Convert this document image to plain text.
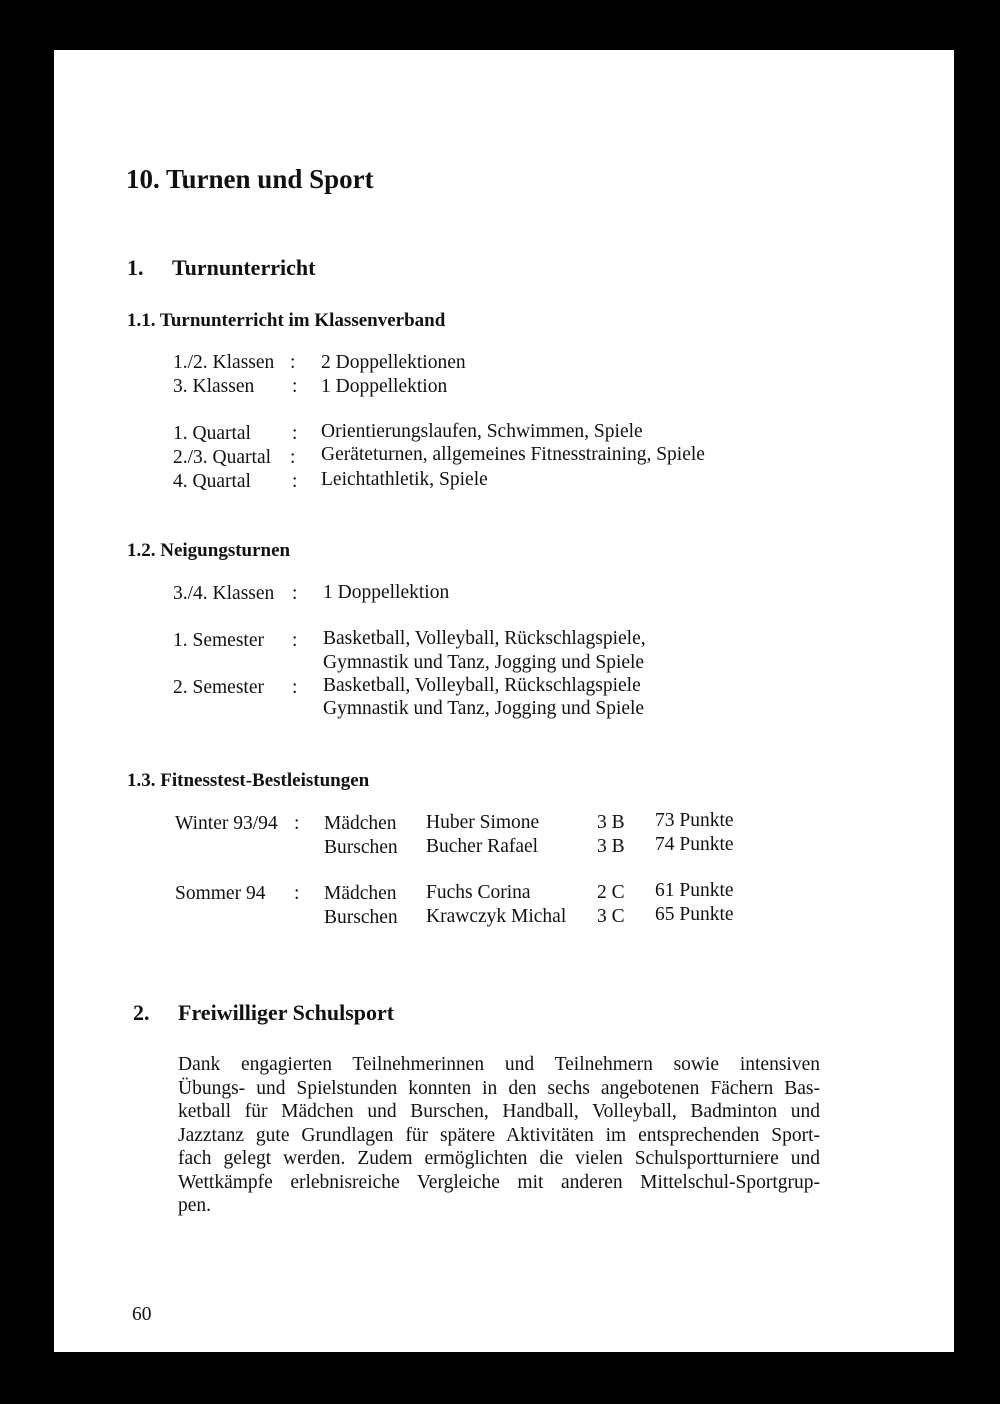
10. Turnen und Sport
1. Turnunterricht
1.1. Turnunterricht im Klassenverband
1./2. Klassen : 2 Doppellektionen
3. Klassen : 1 Doppellektion
1. Quartal : Orientierungslaufen, Schwimmen, Spiele
2./3. Quartal : Geräteturnen, allgemeines Fitnesstraining, Spiele
4. Quartal : Leichtathletik, Spiele
1.2. Neigungsturnen
3./4. Klassen : 1 Doppellektion
1. Semester : Basketball, Volleyball, Rückschlagspiele,
Gymnastik und Tanz, Jogging und Spiele
2. Semester : Basketball, Volleyball, Rückschlagspiele
Gymnastik und Tanz, Jogging und Spiele
1.3. Fitnesstest-Bestleistungen
Winter 93/94 : Mädchen Huber Simone	3 B 73 Punkte
Burschen Bucher Rafael	3 B 74 Punkte
Sommer 94 : Mädchen Fuchs Corina	2 C 61 Punkte
Burschen Krawczyk Michal 3 C 65 Punkte
2. Freiwilliger Schulsport
Dank engagierten Teilnehmerinnen und Teilnehmern sowie intensiven
Übungs- und Spielstunden konnten in den sechs angebotenen Fächern Bas-
ketball für Mädchen und Burschen, Handball, Volleyball, Badminton und
Jazztanz gute Grundlagen für spätere Aktivitäten im entsprechenden Sport-
fach gelegt werden. Zudem ermöglichten die vielen Schulsportturniere und
Wettkämpfe erlebnisreiche Vergleiche mit anderen Mittelschul-Sportgrup-
pen.
60
